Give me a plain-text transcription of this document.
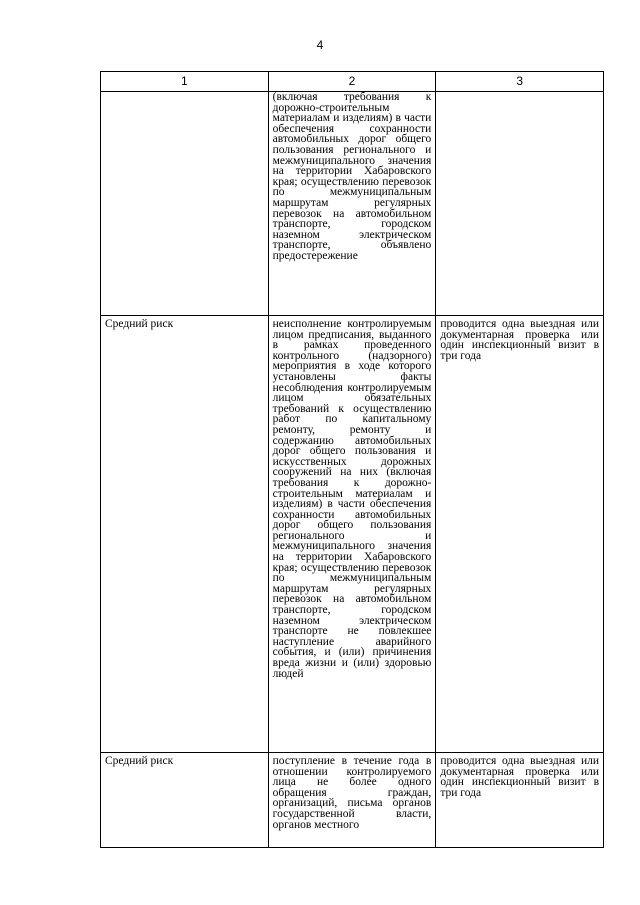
4
1	2	3
	(включая требования к дорожно-строительным материалам и изделиям) в части обеспечения сохранности автомобильных дорог общего пользования регионального и межмуниципального значения на территории Хабаровского края; осуществлению перевозок по межмуниципальным маршрутам регулярных перевозок на автомобильном транспорте, городском наземном электрическом транспорте, объявлено предостережение	
Средний риск	неисполнение контролируемым лицом предписания, выданного в рамках проведенного контрольного (надзорного) мероприятия в ходе которого установлены факты несоблюдения контролируемым лицом обязательных требований к осуществлению работ по капитальному ремонту, ремонту и содержанию автомобильных дорог общего пользования и искусственных дорожных сооружений на них (включая требования к дорожно-строительным материалам и изделиям) в части обеспечения сохранности автомобильных дорог общего пользования регионального и межмуниципального значения на территории Хабаровского края; осуществлению перевозок по межмуниципальным маршрутам регулярных перевозок на автомобильном транспорте, городском наземном электрическом транспорте не повлекшее наступление аварийного события, и (или) причинения вреда жизни и (или) здоровью людей	проводится одна выездная или документарная проверка или один инспекционный визит в три года
Средний риск	поступление в течение года в отношении контролируемого лица не более одного обращения граждан, организаций, письма органов государственной власти, органов местного	проводится одна выездная или документарная проверка или один инспекционный визит в три года
